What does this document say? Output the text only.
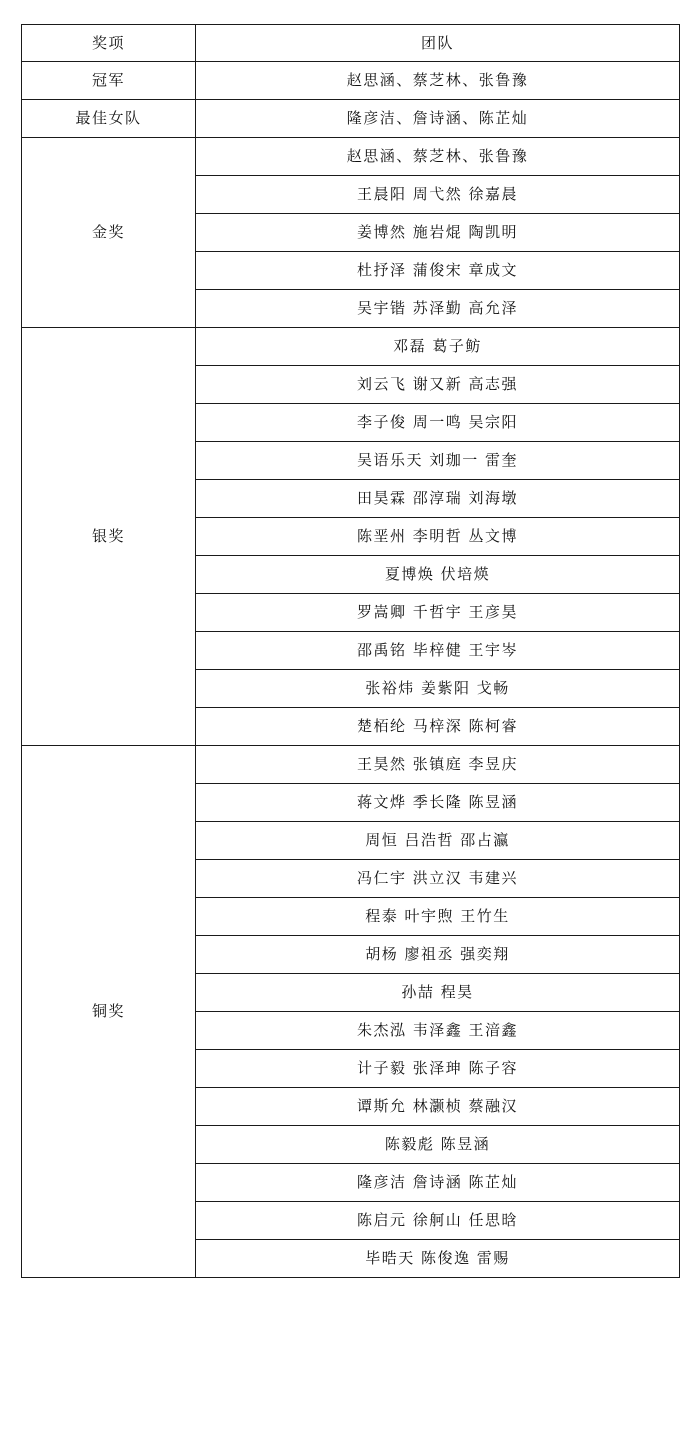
奖项	团队
冠军	赵思涵、蔡芝林、张鲁豫
最佳女队	隆彦洁、詹诗涵、陈芷灿
金奖	赵思涵、蔡芝林、张鲁豫
	王晨阳 周弋然 徐嘉晨
	姜博然 施岩焜 陶凯明
	杜抒泽 蒲俊宋 章成文
	吴宇锴 苏泽勤 高允泽
银奖	邓磊 葛子鲂
	刘云飞 谢又新 高志强
	李子俊 周一鸣 吴宗阳
	吴语乐天 刘珈一 雷奎
	田昊霖 邵淳瑞 刘海墩
	陈垩州 李明哲 丛文博
	夏博焕 伏培煐
	罗嵩卿 千哲宇 王彦昊
	邵禹铭 毕梓健 王宇岑
	张裕炜 姜紫阳 戈畅
	楚栢纶 马梓深 陈柯睿
铜奖	王昊然 张镇庭 李昱庆
	蒋文烨 季长隆 陈昱涵
	周恒 吕浩哲 邵占瀛
	冯仁宇 洪立汉 韦建兴
	程泰 叶宇煦 王竹生
	胡杨 廖祖丞 强奕翔
	孙喆 程昊
	朱杰泓 韦泽鑫 王湆鑫
	计子毅 张泽珅 陈子容
	谭斯允 林灏桢 蔡融汉
	陈毅彪 陈昱涵
	隆彦洁 詹诗涵 陈芷灿
	陈启元 徐舸山 任思晗
	毕晧天 陈俊逸 雷赐
